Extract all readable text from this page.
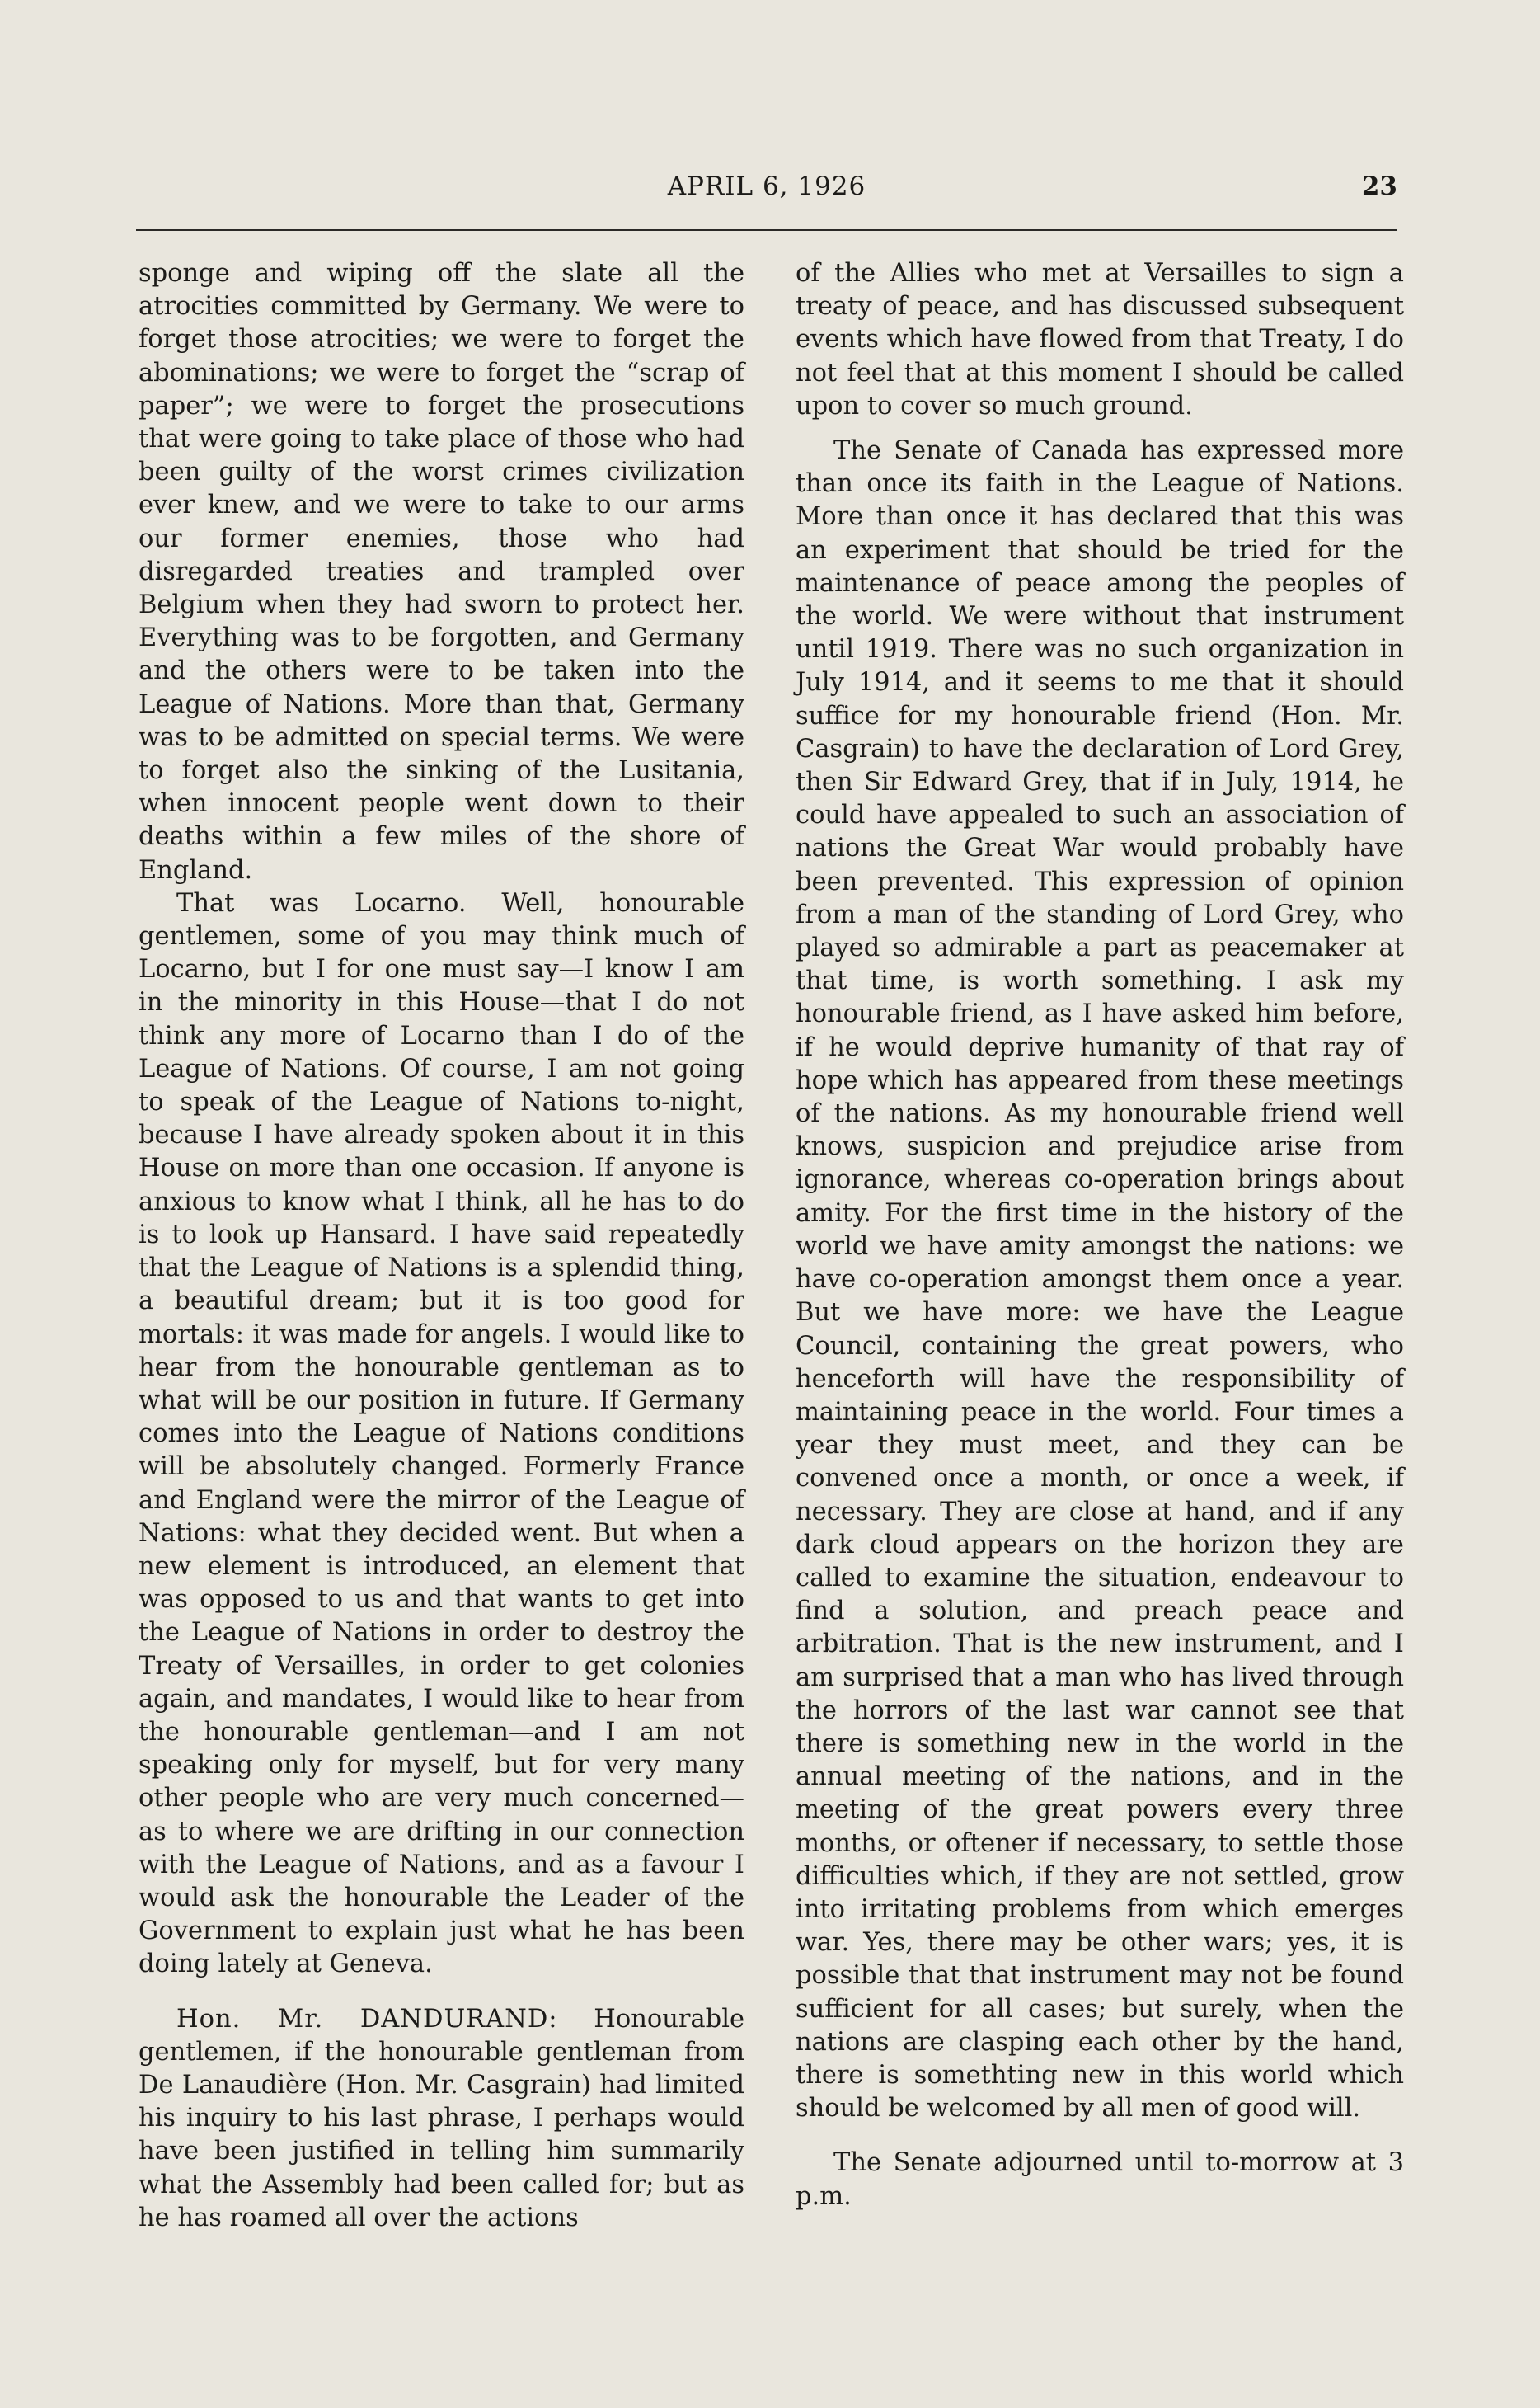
APRIL 6, 1926	23

sponge and wiping off the slate all the atrocities committed by Germany. We were to forget those atrocities; we were to forget the abominations; we were to forget the “scrap of paper”; we were to forget the prosecutions that were going to take place of those who had been guilty of the worst crimes civilization ever knew, and we were to take to our arms our former enemies, those who had disregarded treaties and trampled over Belgium when they had sworn to protect her. Everything was to be forgotten, and Germany and the others were to be taken into the League of Nations. More than that, Germany was to be admitted on special terms. We were to forget also the sinking of the Lusitania, when innocent people went down to their deaths within a few miles of the shore of England.

That was Locarno. Well, honourable gentlemen, some of you may think much of Locarno, but I for one must say—I know I am in the minority in this House—that I do not think any more of Locarno than I do of the League of Nations. Of course, I am not going to speak of the League of Nations to-night, because I have already spoken about it in this House on more than one occasion. If anyone is anxious to know what I think, all he has to do is to look up Hansard. I have said repeatedly that the League of Nations is a splendid thing, a beautiful dream; but it is too good for mortals: it was made for angels. I would like to hear from the honourable gentleman as to what will be our position in future. If Germany comes into the League of Nations conditions will be absolutely changed. Formerly France and England were the mirror of the League of Nations: what they decided went. But when a new element is introduced, an element that was opposed to us and that wants to get into the League of Nations in order to destroy the Treaty of Versailles, in order to get colonies again, and mandates, I would like to hear from the honourable gentleman—and I am not speaking only for myself, but for very many other people who are very much concerned—as to where we are drifting in our connection with the League of Nations, and as a favour I would ask the honourable the Leader of the Government to explain just what he has been doing lately at Geneva.

Hon. Mr. DANDURAND: Honourable gentlemen, if the honourable gentleman from De Lanaudière (Hon. Mr. Casgrain) had limited his inquiry to his last phrase, I perhaps would have been justified in telling him summarily what the Assembly had been called for; but as he has roamed all over the actions

of the Allies who met at Versailles to sign a treaty of peace, and has discussed subsequent events which have flowed from that Treaty, I do not feel that at this moment I should be called upon to cover so much ground.

The Senate of Canada has expressed more than once its faith in the League of Nations. More than once it has declared that this was an experiment that should be tried for the maintenance of peace among the peoples of the world. We were without that instrument until 1919. There was no such organization in July 1914, and it seems to me that it should suffice for my honourable friend (Hon. Mr. Casgrain) to have the declaration of Lord Grey, then Sir Edward Grey, that if in July, 1914, he could have appealed to such an association of nations the Great War would probably have been prevented. This expression of opinion from a man of the standing of Lord Grey, who played so admirable a part as peacemaker at that time, is worth something. I ask my honourable friend, as I have asked him before, if he would deprive humanity of that ray of hope which has appeared from these meetings of the nations. As my honourable friend well knows, suspicion and prejudice arise from ignorance, whereas co-operation brings about amity. For the first time in the history of the world we have amity amongst the nations: we have co-operation amongst them once a year. But we have more: we have the League Council, containing the great powers, who henceforth will have the responsibility of maintaining peace in the world. Four times a year they must meet, and they can be convened once a month, or once a week, if necessary. They are close at hand, and if any dark cloud appears on the horizon they are called to examine the situation, endeavour to find a solution, and preach peace and arbitration. That is the new instrument, and I am surprised that a man who has lived through the horrors of the last war cannot see that there is something new in the world in the annual meeting of the nations, and in the meeting of the great powers every three months, or oftener if necessary, to settle those difficulties which, if they are not settled, grow into irritating problems from which emerges war. Yes, there may be other wars; yes, it is possible that that instrument may not be found sufficient for all cases; but surely, when the nations are clasping each other by the hand, there is somethting new in this world which should be welcomed by all men of good will.

The Senate adjourned until to-morrow at 3 p.m.
